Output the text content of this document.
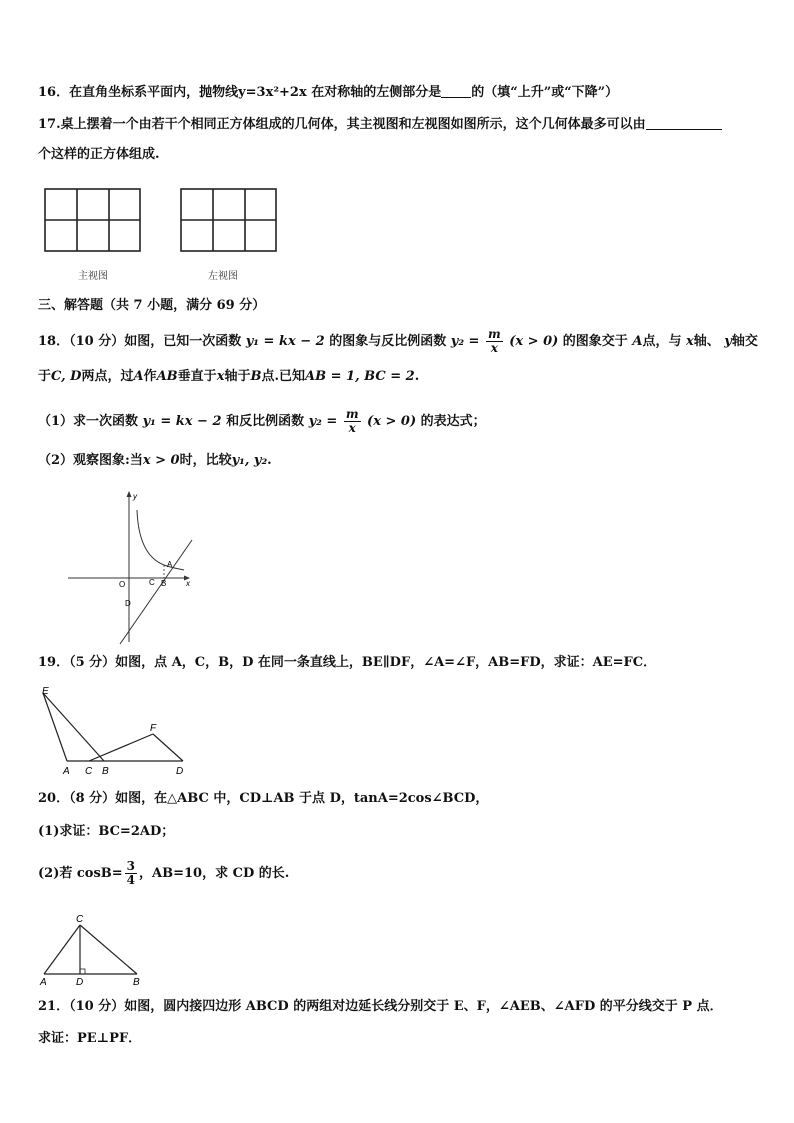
16．在直角坐标系平面内，抛物线y=3x²+2x 在对称轴的左侧部分是 的（填“上升”或“下降”）
17.桌上摆着一个由若干个相同正方体组成的几何体，其主视图和左视图如图所示，这个几何体最多可以由
个这样的正方体组成.
主视图	左视图
三、解答题（共 7 小题，满分 69 分）
18．（10 分）如图，已知一次函数 y₁ = kx − 2 的图象与反比例函数 $y_2 = \frac{m}{x} (x > 0)$ 的图象交于 A点，与 x轴、 y轴交
于C, D两点，过A作AB垂直于x轴于B点.已知AB = 1, BC = 2.
（1）求一次函数 y₁ = kx − 2 和反比例函数 $y_2 = \frac{m}{x} (x > 0)$ 的表达式；
（2）观察图象:当x > 0时，比较y₁, y₂.
y
x
O	C B
A
D
19．（5 分）如图，点 A，C，B，D 在同一条直线上，BE∥DF，∠A=∠F，AB=FD，求证：AE=FC．
E
F
A C B	D
20．（8 分）如图，在△ABC 中，CD⊥AB 于点 D，tanA=2cos∠BCD，
(1)求证：BC=2AD；
(2)若 $\cos B= \frac{3}{4}$ ，AB=10，求 CD 的长.
C
A	D	B
21．（10 分）如图，圆内接四边形 ABCD 的两组对边延长线分别交于 E、F，∠AEB、∠AFD 的平分线交于 P 点．
求证：PE⊥PF．
